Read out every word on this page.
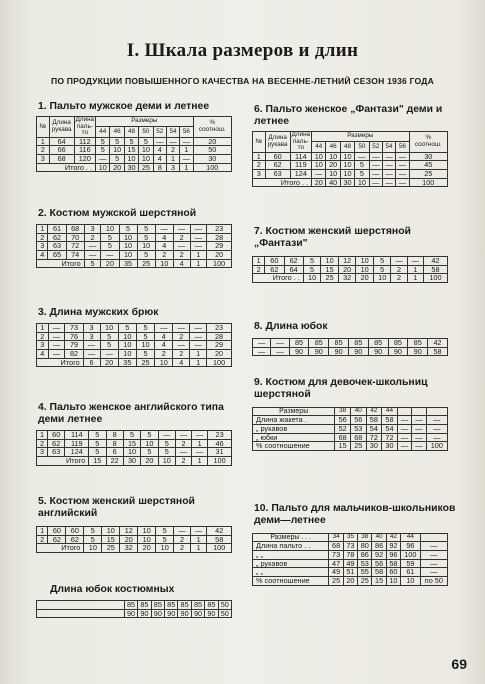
I. Шкала размеров и длин
ПО ПРОДУКЦИИ ПОВЫШЕННОГО КАЧЕСТВА НА ВЕСЕННЕ-ЛЕТНИЙ СЕЗОН 1936 ГОДА
1. Пальто мужское деми и летнее
№	Длина рукава	Длина паль- то	Размеры							%
соотнош.
			44	46	48	50	52	54	56	
1	64	112	5	5	5	5	—	—	—	20
2	66	116	5	10	15	10	4	2	1	50
3	68	120	—	5	10	10	4	1	—	30
Итого . .			10	20	30	25	8	3	1	100
2. Костюм мужской шерстяной
1	61	68	3	10	5	5	—	—	—	23
2	62	70	2	5	10	5	4	2	—	28
3	63	72	—	5	10	10	4	—	—	29
4	65	74	—	—	10	5	2	2	1	20
Итого			5	20	35	25	10	4	1	100
3. Длина мужских брюк
1	—	73	3	10	5	5	—	—	—	23
2	—	76	3	5	10	5	4	2	—	28
3	—	79	—	5	10	10	4	—	—	29
4	—	82	—	—	10	5	2	2	1	20
Итого			6	20	35	25	10	4	1	100
4. Пальто женское английского типа деми летнее
1	60	114	5	8	5	5	—	—	—	23
2	62	119	5	8	15	10	5	2	1	46
3	63	124	5	6	10	5	5	—	—	31
Итого			15	22	30	20	10	2	1	100
5. Костюм женский шерстяной английский
1	60	60	5	10	12	10	5	—	—	42
2	62	62	5	15	20	10	5	2	1	58
Итого			10	25	32	20	10	2	1	100
Длина юбок костюмных
	85	85	85	85	85	85	85	50
	90	90	90	90	90	90	90	50
6. Пальто женское „Фантази" деми и летнее
№	Длина рукава	Длина паль- то	Размеры							%
соотнош.
			44	46	48	50	52	54	56	
1	60	114	10	10	10	—	—	—	—	30
2	62	119	10	20	10	5	—	—	—	45
3	63	124	—	10	10	5	—	—	—	25
Итого . .			20	40	30	10	—	—	—	100
7. Костюм женский шерстяной „Фантази"
1	60	62	5	10	12	10	5	—	—	42
2	62	64	5	15	20	10	5	2	1	58
Итого . .			10	25	32	20	10	2	1	100
8. Длина юбок
—	—	85	85	85	85	85	85	85	42
—	—	90	90	90	90	90	90	90	58
9. Костюм для девочек-школьниц шерстяной
Размеры	38	40	42	44			
Длина жакета .	56	56	58	58	—	—	—
„ рукавов	52	53	54	54	—	—	—
„ юбки	68	68	72	72	—	—	—
% соотношение	15	25	30	30	—	—	100
10. Пальто для мальчиков-школьников деми—летнее
Размеры . . .	34	35	38	40	42	44	
Длина пальто . .	68	73	80	86	92	96	—
„ „	73	78	86	92	96	100	—
„ рукавов	47	49	53	56	58	59	—
„ „	49	51	55	58	60	61	—
% соотношение	25	20	25	15	10	10	по 50
69
